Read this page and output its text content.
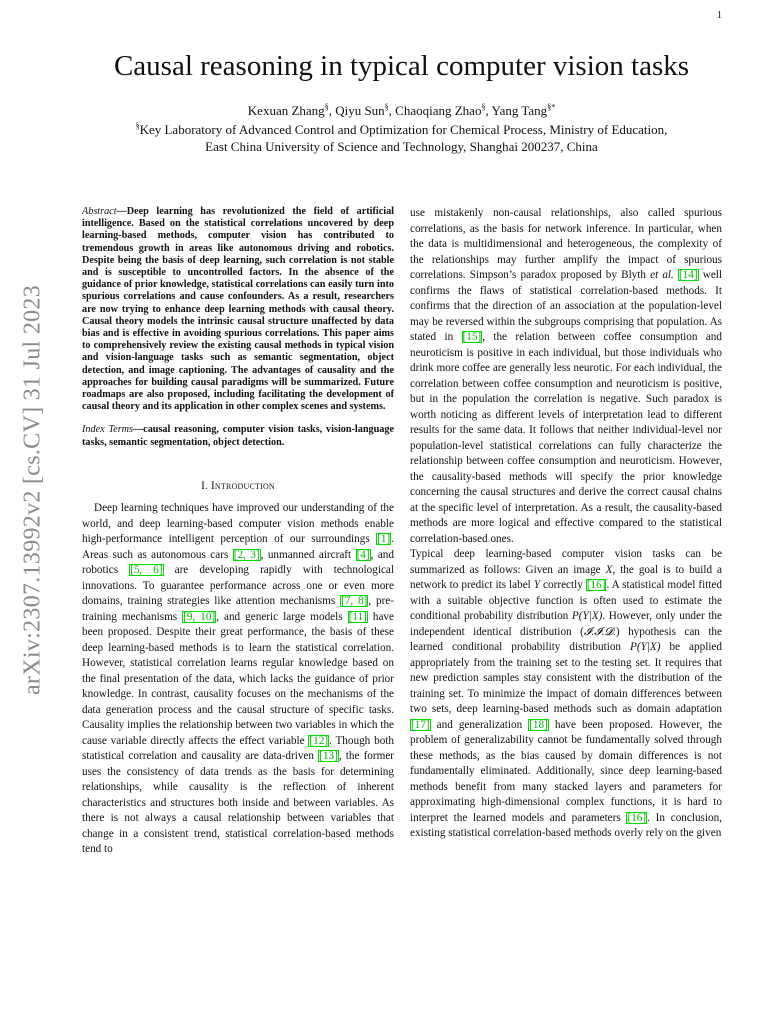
1
arXiv:2307.13992v2 [cs.CV] 31 Jul 2023
Causal reasoning in typical computer vision tasks
Kexuan Zhang§, Qiyu Sun§, Chaoqiang Zhao§, Yang Tang§*
§Key Laboratory of Advanced Control and Optimization for Chemical Process, Ministry of Education,
East China University of Science and Technology, Shanghai 200237, China

Abstract—Deep learning has revolutionized the field of artificial intelligence. Based on the statistical correlations uncovered by deep learning-based methods, computer vision has contributed to tremendous growth in areas like autonomous driving and robotics. Despite being the basis of deep learning, such correlation is not stable and is susceptible to uncontrolled factors. In the absence of the guidance of prior knowledge, statistical correlations can easily turn into spurious correlations and cause confounders. As a result, researchers are now trying to enhance deep learning methods with causal theory. Causal theory models the intrinsic causal structure unaffected by data bias and is effective in avoiding spurious correlations. This paper aims to comprehensively review the existing causal methods in typical vision and vision-language tasks such as semantic segmentation, object detection, and image captioning. The advantages of causality and the approaches for building causal paradigms will be summarized. Future roadmaps are also proposed, including facilitating the development of causal theory and its application in other complex scenes and systems.

Index Terms—causal reasoning, computer vision tasks, vision-language tasks, semantic segmentation, object detection.

I. Introduction

Deep learning techniques have improved our understanding of the world, and deep learning-based computer vision methods enable high-performance intelligent perception of our surroundings [1]. Areas such as autonomous cars [2, 3], unmanned aircraft [4], and robotics [5, 6] are developing rapidly with technological innovations. To guarantee performance across one or even more domains, training strategies like attention mechanisms [7, 8], pre-training mechanisms [9, 10], and generic large models [11] have been proposed. Despite their great performance, the basis of these deep learning-based methods is to learn the statistical correlation. However, statistical correlation learns regular knowledge based on the final presentation of the data, which lacks the guidance of prior knowledge. In contrast, causality focuses on the mechanisms of the data generation process and the causal structure of specific tasks. Causality implies the relationship between two variables in which the cause variable directly affects the effect variable [12]. Though both statistical correlation and causality are data-driven [13], the former uses the consistency of data trends as the basis for determining relationships, while causality is the reflection of inherent characteristics and structures both inside and between variables. As there is not always a causal relationship between variables that change in a consistent trend, statistical correlation-based methods tend to

use mistakenly non-causal relationships, also called spurious correlations, as the basis for network inference. In particular, when the data is multidimensional and heterogeneous, the complexity of the relationships may further amplify the impact of spurious correlations. Simpson’s paradox proposed by Blyth et al. [14] well confirms the flaws of statistical correlation-based methods. It confirms that the direction of an association at the population-level may be reversed within the subgroups comprising that population. As stated in [15], the relation between coffee consumption and neuroticism is positive in each individual, but those individuals who drink more coffee are generally less neurotic. For each individual, the correlation between coffee consumption and neuroticism is positive, but in the population the correlation is negative. Such paradox is worth noticing as different levels of interpretation lead to different results for the same data. It follows that neither individual-level nor population-level statistical correlations can fully characterize the relationship between coffee consumption and neuroticism. However, the causality-based methods will specify the prior knowledge concerning the causal structures and derive the correct causal chains at the specific level of interpretation. As a result, the causality-based methods are more logical and effective compared to the statistical correlation-based ones.

Typical deep learning-based computer vision tasks can be summarized as follows: Given an image X, the goal is to build a network to predict its label Y correctly [16]. A statistical model fitted with a suitable objective function is often used to estimate the conditional probability distribution P(Y|X). However, only under the independent identical distribution (𝓘.𝓘.𝓓.) hypothesis can the learned conditional probability distribution P(Y|X) be applied appropriately from the training set to the testing set. It requires that new prediction samples stay consistent with the distribution of the training set. To minimize the impact of domain differences between two sets, deep learning-based methods such as domain adaptation [17] and generalization [18] have been proposed. However, the problem of generalizability cannot be fundamentally solved through these methods, as the bias caused by domain differences is not fundamentally eliminated. Additionally, since deep learning-based methods benefit from many stacked layers and parameters for approximating high-dimensional complex functions, it is hard to interpret the learned models and parameters [16]. In conclusion, existing statistical correlation-based methods overly rely on the given
